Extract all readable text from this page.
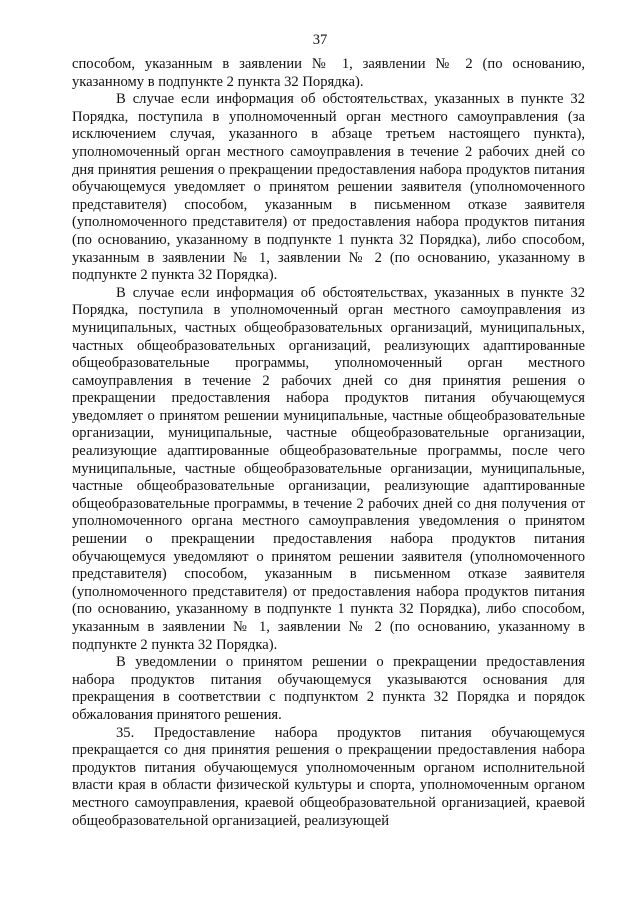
37

способом, указанным в заявлении № 1, заявлении № 2 (по основанию, указанному в подпункте 2 пункта 32 Порядка).

В случае если информация об обстоятельствах, указанных в пункте 32 Порядка, поступила в уполномоченный орган местного самоуправления (за исключением случая, указанного в абзаце третьем настоящего пункта), уполномоченный орган местного самоуправления в течение 2 рабочих дней со дня принятия решения о прекращении предоставления набора продуктов питания обучающемуся уведомляет о принятом решении заявителя (уполномоченного представителя) способом, указанным в письменном отказе заявителя (уполномоченного представителя) от предоставления набора продуктов питания (по основанию, указанному в подпункте 1 пункта 32 Порядка), либо способом, указанным в заявлении № 1, заявлении № 2 (по основанию, указанному в подпункте 2 пункта 32 Порядка).

В случае если информация об обстоятельствах, указанных в пункте 32 Порядка, поступила в уполномоченный орган местного самоуправления из муниципальных, частных общеобразовательных организаций, муниципальных, частных общеобразовательных организаций, реализующих адаптированные общеобразовательные программы, уполномоченный орган местного самоуправления в течение 2 рабочих дней со дня принятия решения о прекращении предоставления набора продуктов питания обучающемуся уведомляет о принятом решении муниципальные, частные общеобразовательные организации, муниципальные, частные общеобразовательные организации, реализующие адаптированные общеобразовательные программы, после чего муниципальные, частные общеобразовательные организации, муниципальные, частные общеобразовательные организации, реализующие адаптированные общеобразовательные программы, в течение 2 рабочих дней со дня получения от уполномоченного органа местного самоуправления уведомления о принятом решении о прекращении предоставления набора продуктов питания обучающемуся уведомляют о принятом решении заявителя (уполномоченного представителя) способом, указанным в письменном отказе заявителя (уполномоченного представителя) от предоставления набора продуктов питания (по основанию, указанному в подпункте 1 пункта 32 Порядка), либо способом, указанным в заявлении № 1, заявлении № 2 (по основанию, указанному в подпункте 2 пункта 32 Порядка).

В уведомлении о принятом решении о прекращении предоставления набора продуктов питания обучающемуся указываются основания для прекращения в соответствии с подпунктом 2 пункта 32 Порядка и порядок обжалования принятого решения.

35. Предоставление набора продуктов питания обучающемуся прекращается со дня принятия решения о прекращении предоставления набора продуктов питания обучающемуся уполномоченным органом исполнительной власти края в области физической культуры и спорта, уполномоченным органом местного самоуправления, краевой общеобразовательной организацией, краевой общеобразовательной организацией, реализующей
